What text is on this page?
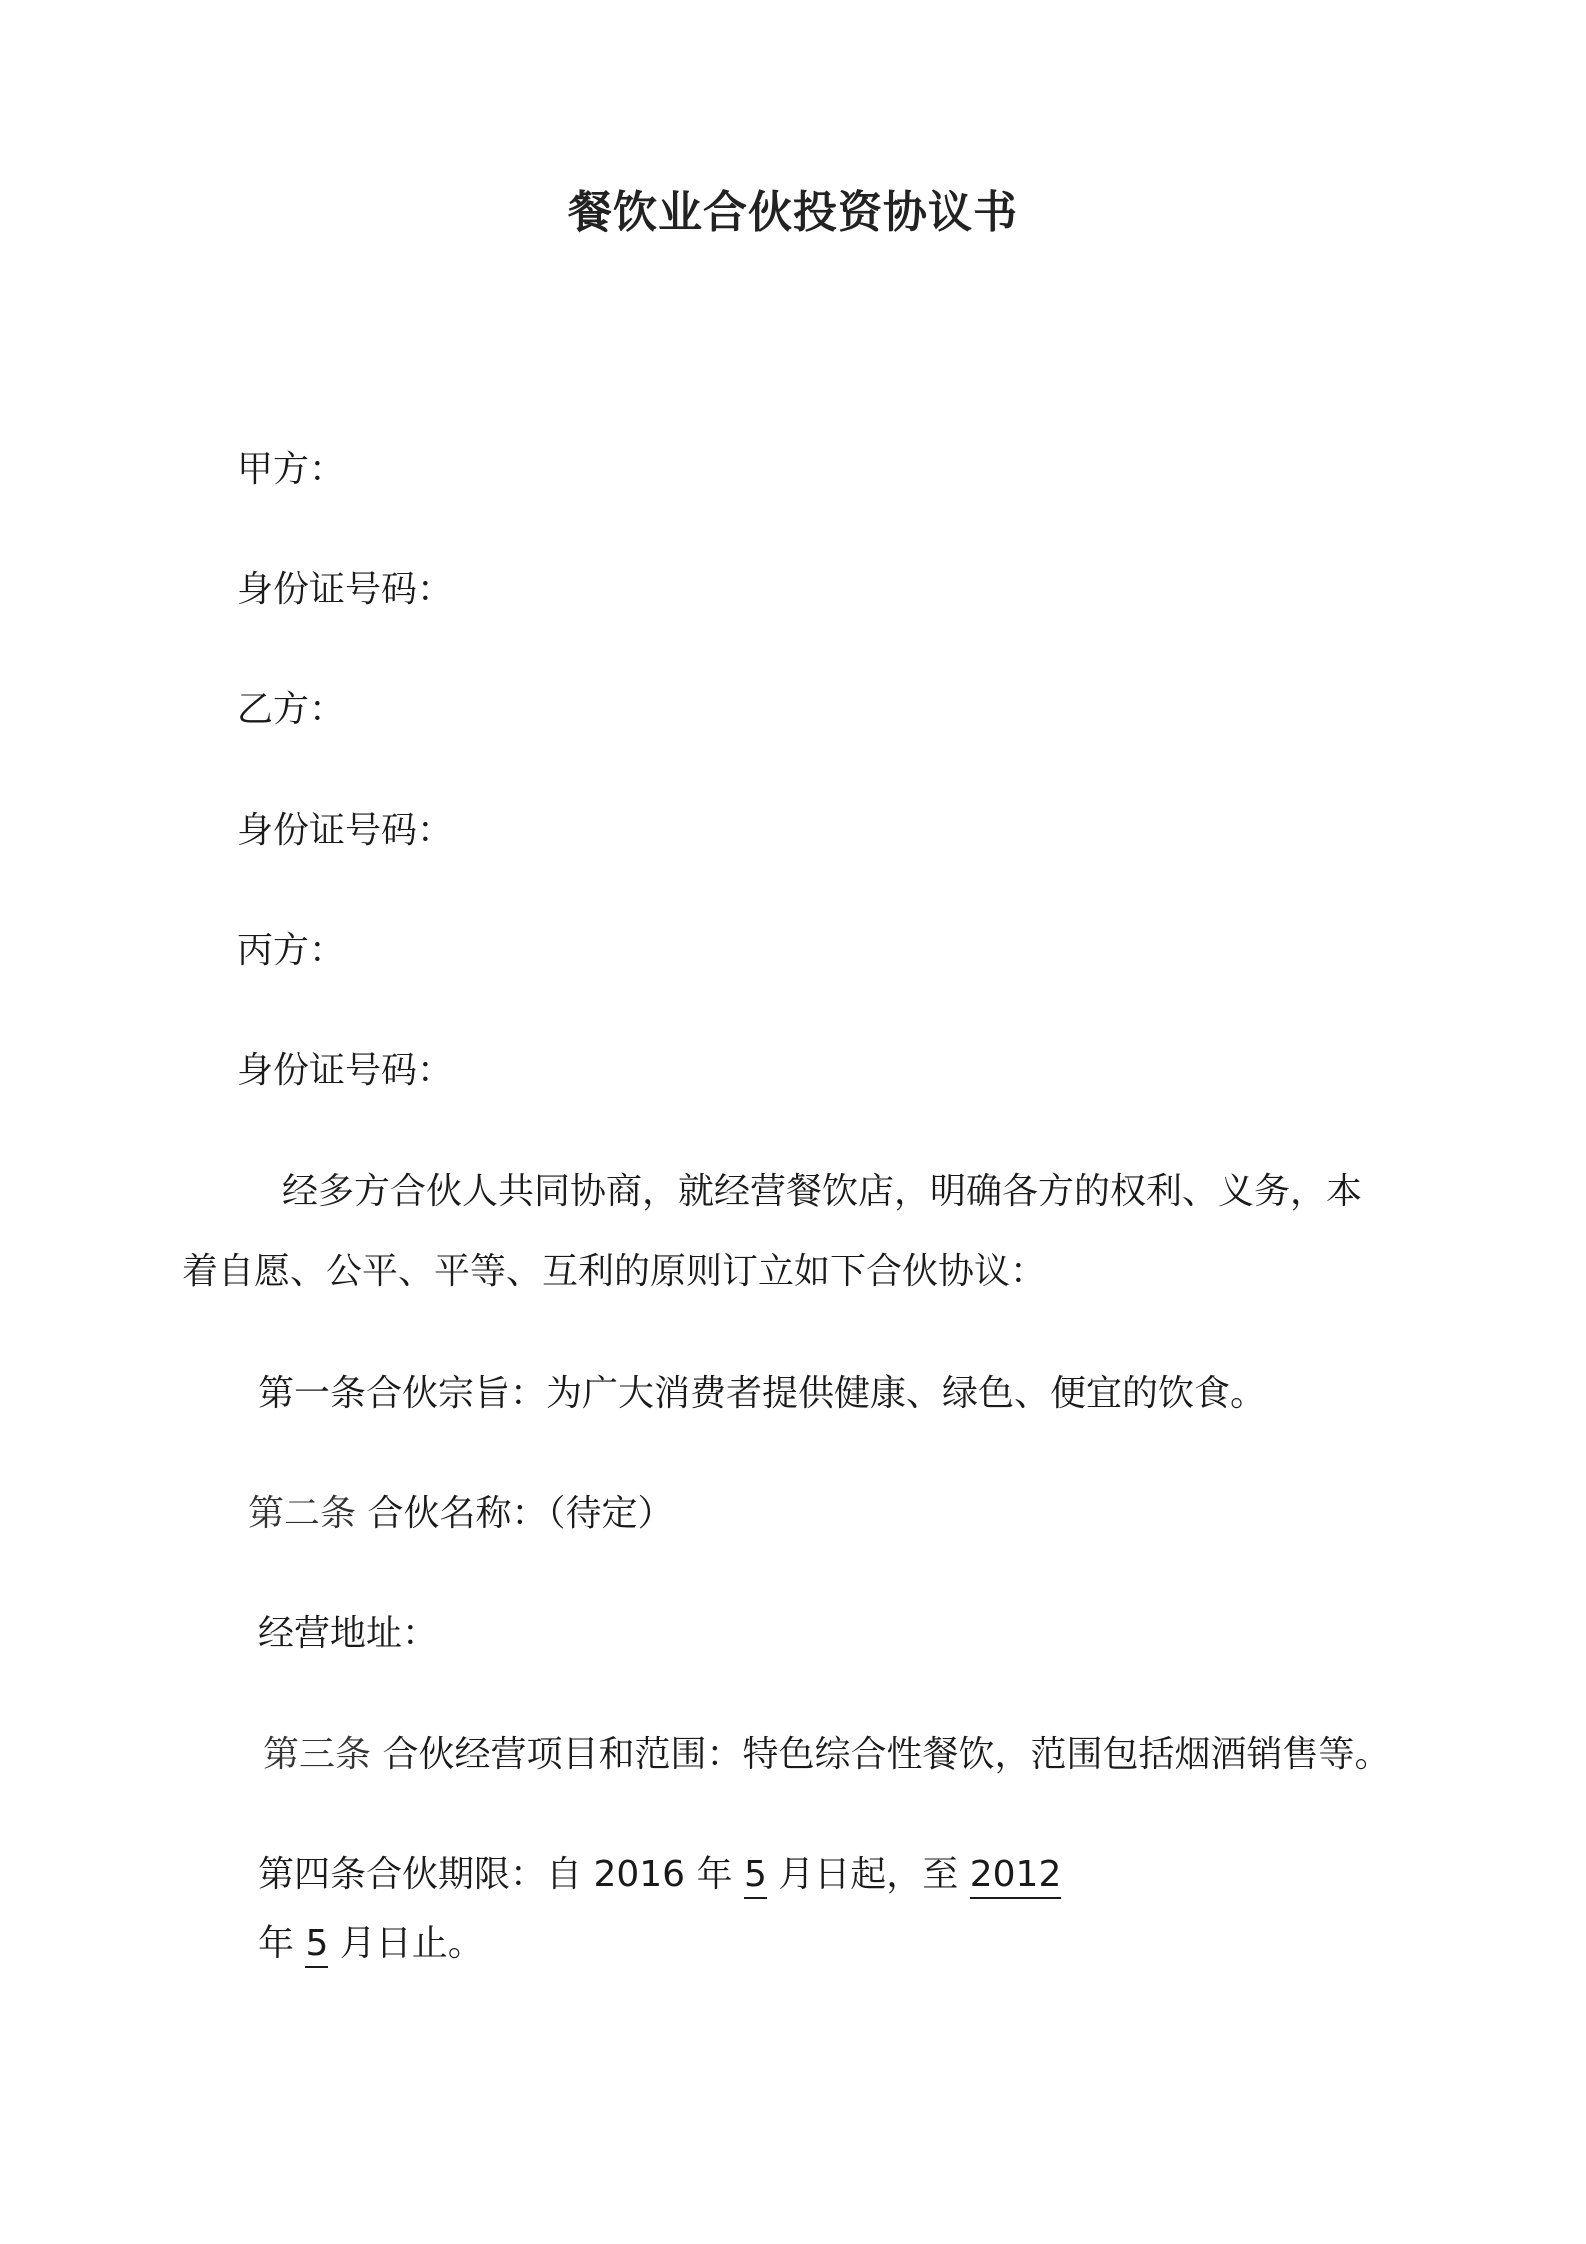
餐饮业合伙投资协议书
甲方：
身份证号码：
乙方：
身份证号码：
丙方：
身份证号码：
经多方合伙人共同协商，就经营餐饮店，明确各方的权利、义务，本
着自愿、公平、平等、互利的原则订立如下合伙协议：
第一条合伙宗旨：为广大消费者提供健康、绿色、便宜的饮食。
第二条 合伙名称：（待定）
经营地址：
第三条 合伙经营项目和范围：特色综合性餐饮，范围包括烟酒销售等。
第四条合伙期限：自 2016 年 5 月日起，至 2012
年 5 月日止。
